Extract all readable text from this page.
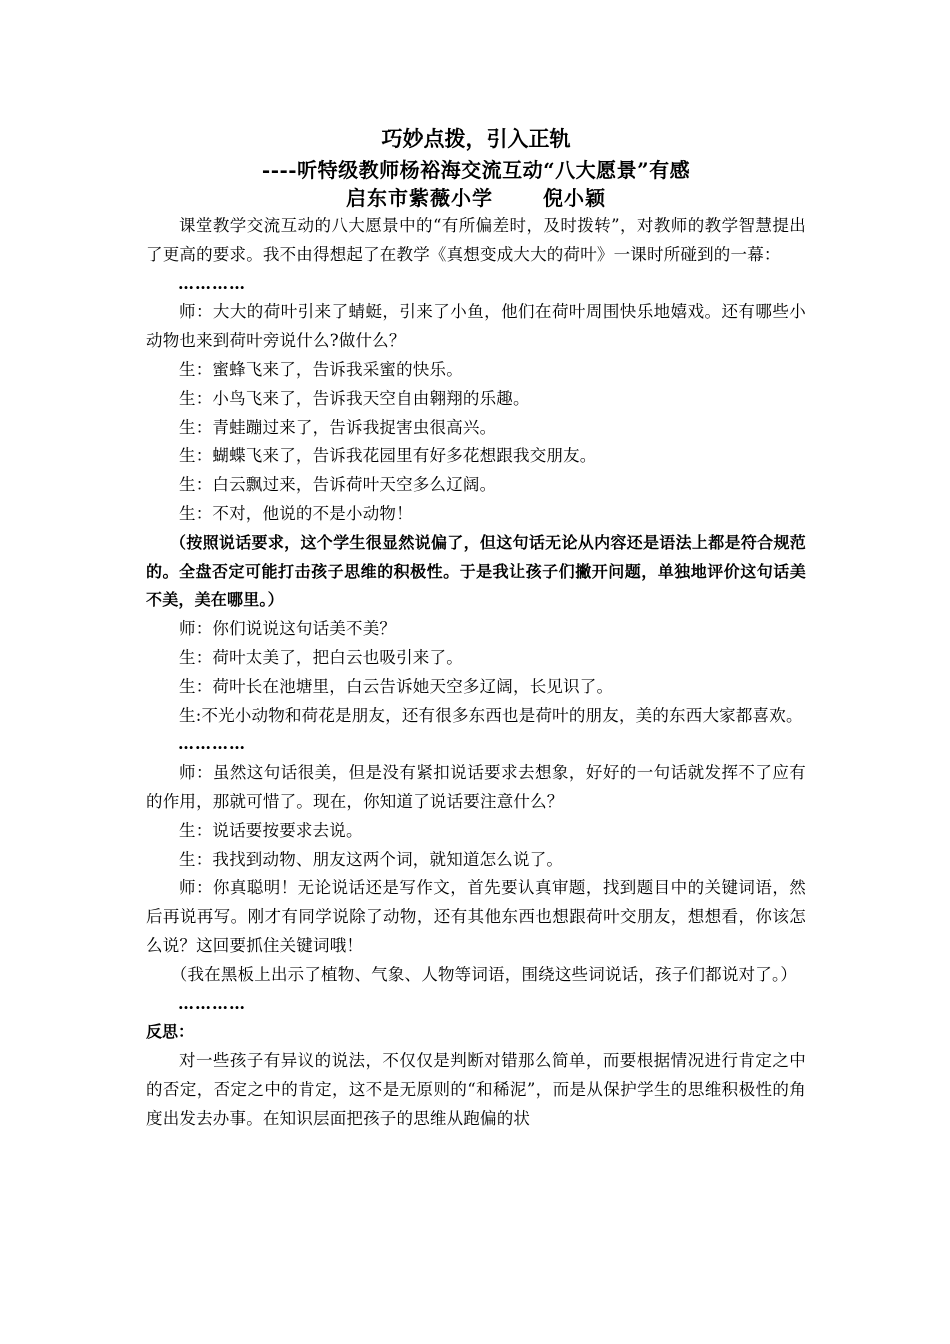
巧妙点拨，引入正轨
----听特级教师杨裕海交流互动“八大愿景”有感
启东市紫薇小学	倪小颖

课堂教学交流互动的八大愿景中的“有所偏差时，及时拨转”，对教师的教学智慧提出了更高的要求。我不由得想起了在教学《真想变成大大的荷叶》一课时所碰到的一幕：

…………

师：大大的荷叶引来了蜻蜓，引来了小鱼，他们在荷叶周围快乐地嬉戏。还有哪些小动物也来到荷叶旁说什么?做什么？

生：蜜蜂飞来了，告诉我采蜜的快乐。

生：小鸟飞来了，告诉我天空自由翱翔的乐趣。

生：青蛙蹦过来了，告诉我捉害虫很高兴。

生：蝴蝶飞来了，告诉我花园里有好多花想跟我交朋友。

生：白云飘过来，告诉荷叶天空多么辽阔。

生：不对，他说的不是小动物！

（按照说话要求，这个学生很显然说偏了，但这句话无论从内容还是语法上都是符合规范的。全盘否定可能打击孩子思维的积极性。于是我让孩子们撇开问题，单独地评价这句话美不美，美在哪里。）

师：你们说说这句话美不美？

生：荷叶太美了，把白云也吸引来了。

生：荷叶长在池塘里，白云告诉她天空多辽阔，长见识了。

生:不光小动物和荷花是朋友，还有很多东西也是荷叶的朋友，美的东西大家都喜欢。

…………

师：虽然这句话很美，但是没有紧扣说话要求去想象，好好的一句话就发挥不了应有的作用，那就可惜了。现在，你知道了说话要注意什么？

生：说话要按要求去说。

生：我找到动物、朋友这两个词，就知道怎么说了。

师：你真聪明！无论说话还是写作文，首先要认真审题，找到题目中的关键词语，然后再说再写。刚才有同学说除了动物，还有其他东西也想跟荷叶交朋友，想想看，你该怎么说？这回要抓住关键词哦！

（我在黑板上出示了植物、气象、人物等词语，围绕这些词说话，孩子们都说对了。）

…………

反思：

对一些孩子有异议的说法，不仅仅是判断对错那么简单，而要根据情况进行肯定之中的否定，否定之中的肯定，这不是无原则的“和稀泥”，而是从保护学生的思维积极性的角度出发去办事。在知识层面把孩子的思维从跑偏的状
